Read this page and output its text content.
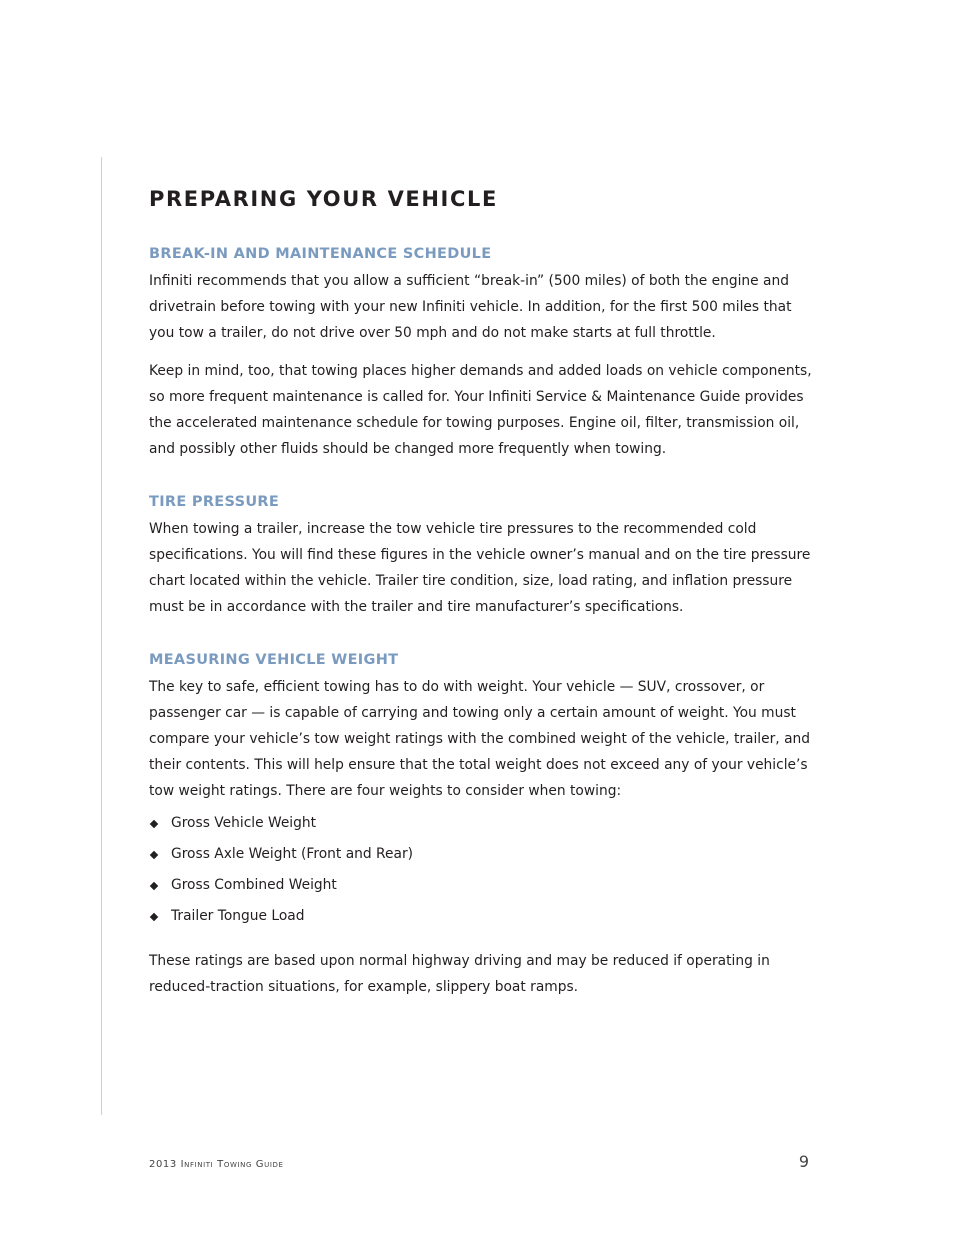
PREPARING YOUR VEHICLE
BREAK-IN AND MAINTENANCE SCHEDULE

Infiniti recommends that you allow a sufficient “break-in” (500 miles) of both the engine and drivetrain before towing with your new Infiniti vehicle. In addition, for the first 500 miles that you tow a trailer, do not drive over 50 mph and do not make starts at full throttle.

Keep in mind, too, that towing places higher demands and added loads on vehicle components, so more frequent maintenance is called for. Your Infiniti Service & Maintenance Guide provides the accelerated maintenance schedule for towing purposes. Engine oil, filter, transmission oil, and possibly other fluids should be changed more frequently when towing.

TIRE PRESSURE

When towing a trailer, increase the tow vehicle tire pressures to the recommended cold specifications. You will find these figures in the vehicle owner’s manual and on the tire pressure chart located within the vehicle. Trailer tire condition, size, load rating, and inflation pressure must be in accordance with the trailer and tire manufacturer’s specifications.

MEASURING VEHICLE WEIGHT

The key to safe, efficient towing has to do with weight. Your vehicle — SUV, crossover, or passenger car — is capable of carrying and towing only a certain amount of weight. You must compare your vehicle’s tow weight ratings with the combined weight of the vehicle, trailer, and their contents. This will help ensure that the total weight does not exceed any of your vehicle’s tow weight ratings. There are four weights to consider when towing:

Gross Vehicle Weight
Gross Axle Weight (Front and Rear)
Gross Combined Weight
Trailer Tongue Load

These ratings are based upon normal highway driving and may be reduced if operating in reduced-traction situations, for example, slippery boat ramps.

2013 Infiniti Towing Guide	9
